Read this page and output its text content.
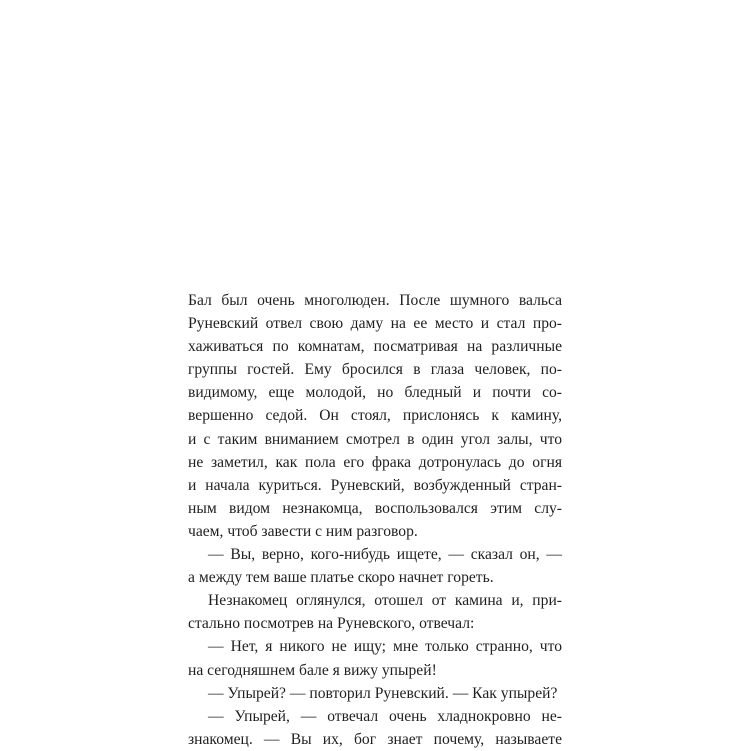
Бал был очень многолюден. После шумного вальса
Руневский отвел свою даму на ее место и стал про-
хаживаться по комнатам, посматривая на различные
группы гостей. Ему бросился в глаза человек, по-
видимому, еще молодой, но бледный и почти со-
вершенно седой. Он стоял, прислонясь к камину,
и с таким вниманием смотрел в один угол залы, что
не заметил, как пола его фрака дотронулась до огня
и начала куриться. Руневский, возбужденный стран-
ным видом незнакомца, воспользовался этим слу-
чаем, чтоб завести с ним разговор.
— Вы, верно, кого-нибудь ищете, — сказал он, —
а между тем ваше платье скоро начнет гореть.
Незнакомец оглянулся, отошел от камина и, при-
стально посмотрев на Руневского, отвечал:
— Нет, я никого не ищу; мне только странно, что
на сегодняшнем бале я вижу упырей!
— Упырей? — повторил Руневский. — Как упырей?
— Упырей, — отвечал очень хладнокровно не-
знакомец. — Вы их, бог знает почему, называете
